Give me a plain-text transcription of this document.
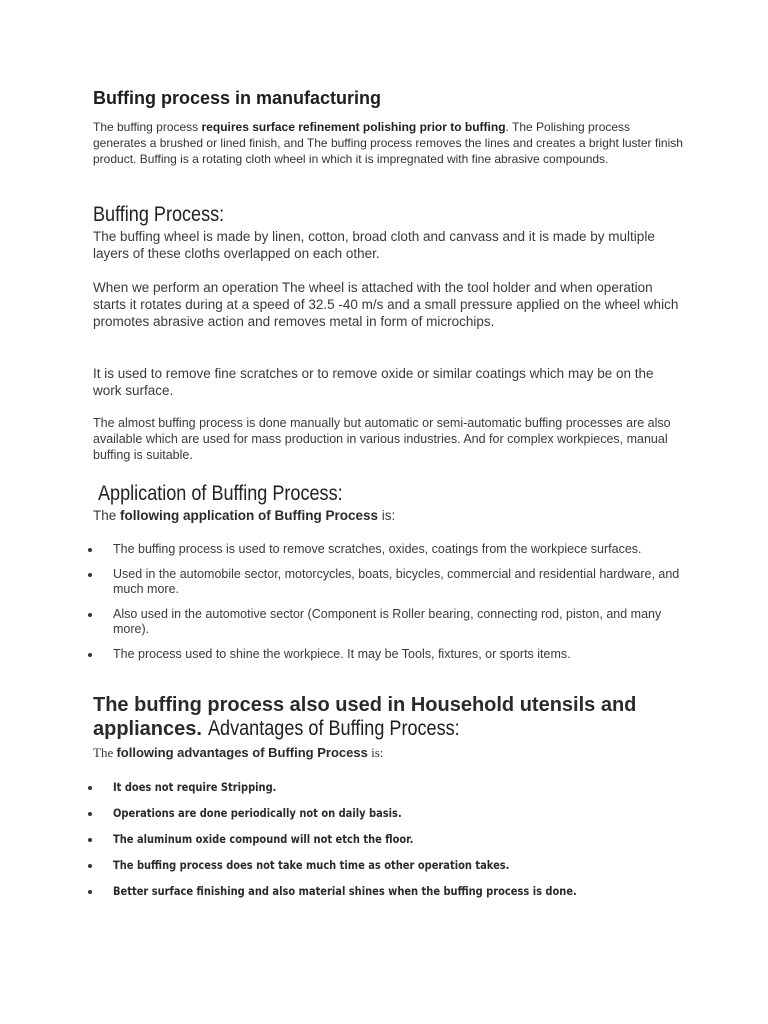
Buffing process in manufacturing

The buffing process requires surface refinement polishing prior to buffing. The Polishing process generates a brushed or lined finish, and The buffing process removes the lines and creates a bright luster finish product. Buffing is a rotating cloth wheel in which it is impregnated with fine abrasive compounds.

Buffing Process:

The buffing wheel is made by linen, cotton, broad cloth and canvass and it is made by multiple layers of these cloths overlapped on each other.

When we perform an operation The wheel is attached with the tool holder and when operation starts it rotates during at a speed of 32.5 -40 m/s and a small pressure applied on the wheel which promotes abrasive action and removes metal in form of microchips.

It is used to remove fine scratches or to remove oxide or similar coatings which may be on the work surface.

The almost buffing process is done manually but automatic or semi-automatic buffing processes are also available which are used for mass production in various industries. And for complex workpieces, manual buffing is suitable.

Application of Buffing Process:

The following application of Buffing Process is:

The buffing process is used to remove scratches, oxides, coatings from the workpiece surfaces.
Used in the automobile sector, motorcycles, boats, bicycles, commercial and residential hardware, and much more.
Also used in the automotive sector (Component is Roller bearing, connecting rod, piston, and many more).
The process used to shine the workpiece. It may be Tools, fixtures, or sports items.
The buffing process also used in Household utensils and appliances. Advantages of Buffing Process:

The following advantages of Buffing Process is:

It does not require Stripping.
Operations are done periodically not on daily basis.
The aluminum oxide compound will not etch the floor.
The buffing process does not take much time as other operation takes.
Better surface finishing and also material shines when the buffing process is done.
